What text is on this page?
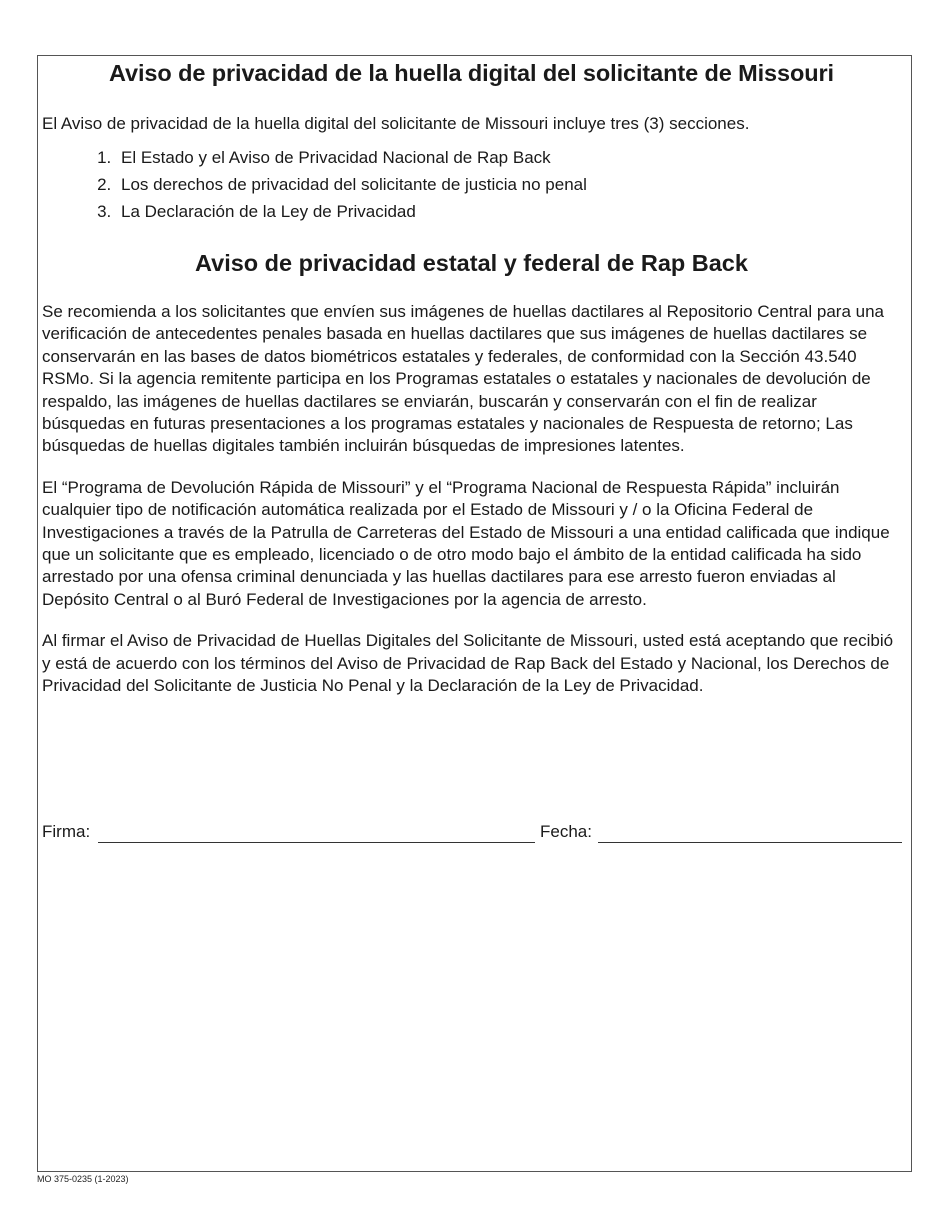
Aviso de privacidad de la huella digital del solicitante de Missouri

El Aviso de privacidad de la huella digital del solicitante de Missouri incluye tres (3) secciones.

1. El Estado y el Aviso de Privacidad Nacional de Rap Back
2. Los derechos de privacidad del solicitante de justicia no penal
3. La Declaración de la Ley de Privacidad
Aviso de privacidad estatal y federal de Rap Back

Se recomienda a los solicitantes que envíen sus imágenes de huellas dactilares al Repositorio Central para una verificación de antecedentes penales basada en huellas dactilares que sus imágenes de huellas dactilares se conservarán en las bases de datos biométricos estatales y federales, de conformidad con la Sección 43.540 RSMo. Si la agencia remitente participa en los Programas estatales o estatales y nacionales de devolución de respaldo, las imágenes de huellas dactilares se enviarán, buscarán y conservarán con el fin de realizar búsquedas en futuras presentaciones a los programas estatales y nacionales de Respuesta de retorno; Las búsquedas de huellas digitales también incluirán búsquedas de impresiones latentes.

El “Programa de Devolución Rápida de Missouri” y el “Programa Nacional de Respuesta Rápida” incluirán cualquier tipo de notificación automática realizada por el Estado de Missouri y / o la Oficina Federal de Investigaciones a través de la Patrulla de Carreteras del Estado de Missouri a una entidad calificada que indique que un solicitante que es empleado, licenciado o de otro modo bajo el ámbito de la entidad calificada ha sido arrestado por una ofensa criminal denunciada y las huellas dactilares para ese arresto fueron enviadas al Depósito Central o al Buró Federal de Investigaciones por la agencia de arresto.

Al firmar el Aviso de Privacidad de Huellas Digitales del Solicitante de Missouri, usted está aceptando que recibió y está de acuerdo con los términos del Aviso de Privacidad de Rap Back del Estado y Nacional, los Derechos de Privacidad del Solicitante de Justicia No Penal y la Declaración de la Ley de Privacidad.

Firma:	Fecha:
MO 375-0235 (1-2023)
